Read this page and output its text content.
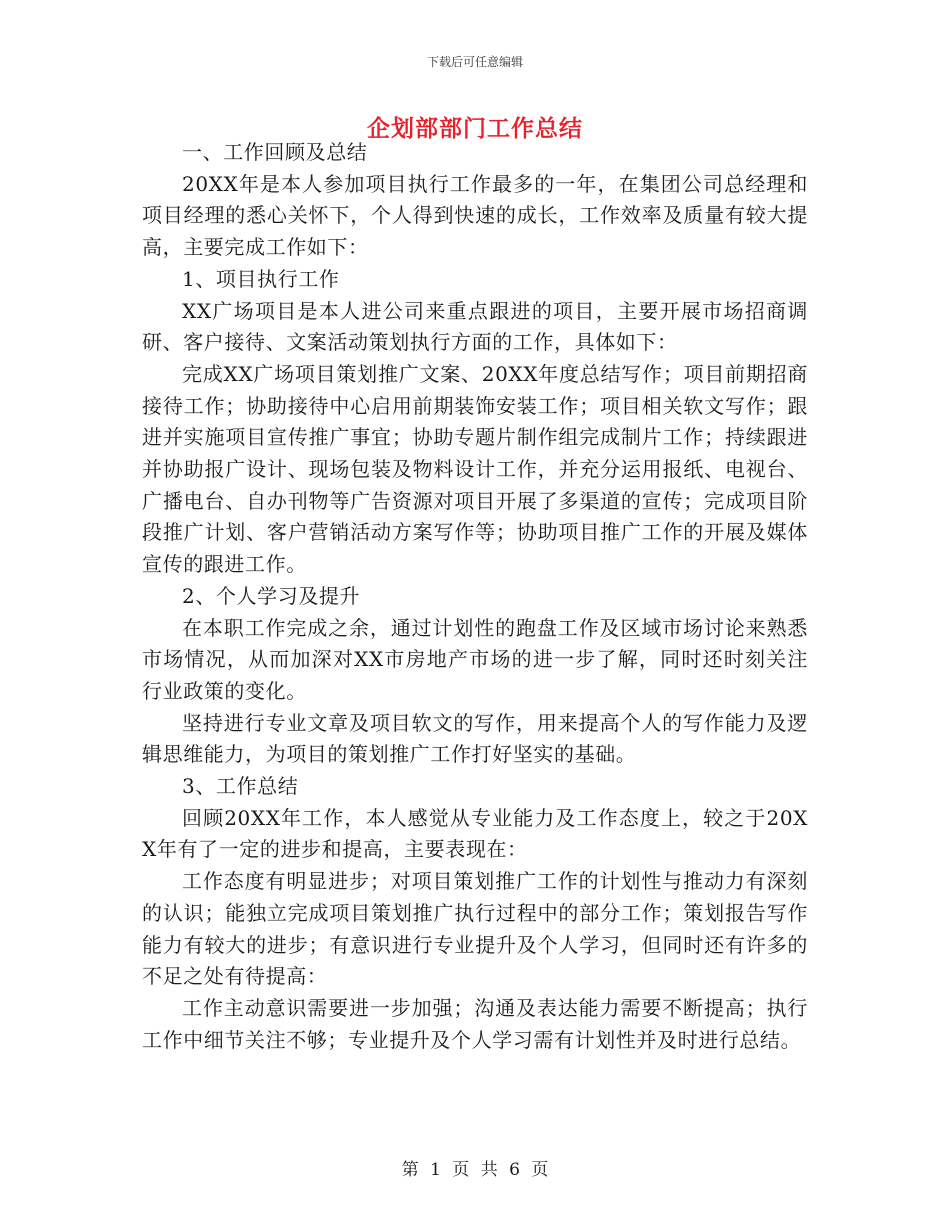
下载后可任意编辑
企划部部门工作总结

一、工作回顾及总结

20XX年是本人参加项目执行工作最多的一年，在集团公司总经理和项目经理的悉心关怀下，个人得到快速的成长，工作效率及质量有较大提高，主要完成工作如下：

1、项目执行工作

XX广场项目是本人进公司来重点跟进的项目，主要开展市场招商调研、客户接待、文案活动策划执行方面的工作，具体如下：

完成XX广场项目策划推广文案、20XX年度总结写作；项目前期招商接待工作；协助接待中心启用前期装饰安装工作；项目相关软文写作；跟进并实施项目宣传推广事宜；协助专题片制作组完成制片工作；持续跟进并协助报广设计、现场包装及物料设计工作，并充分运用报纸、电视台、广播电台、自办刊物等广告资源对项目开展了多渠道的宣传；完成项目阶段推广计划、客户营销活动方案写作等；协助项目推广工作的开展及媒体宣传的跟进工作。

2、个人学习及提升

在本职工作完成之余，通过计划性的跑盘工作及区域市场讨论来熟悉市场情况，从而加深对XX市房地产市场的进一步了解，同时还时刻关注行业政策的变化。

坚持进行专业文章及项目软文的写作，用来提高个人的写作能力及逻辑思维能力，为项目的策划推广工作打好坚实的基础。

3、工作总结

回顾20XX年工作，本人感觉从专业能力及工作态度上，较之于20XX年有了一定的进步和提高，主要表现在：

工作态度有明显进步；对项目策划推广工作的计划性与推动力有深刻的认识；能独立完成项目策划推广执行过程中的部分工作；策划报告写作能力有较大的进步；有意识进行专业提升及个人学习，但同时还有许多的不足之处有待提高：

工作主动意识需要进一步加强；沟通及表达能力需要不断提高；执行工作中细节关注不够；专业提升及个人学习需有计划性并及时进行总结。

第 1 页 共 6 页
